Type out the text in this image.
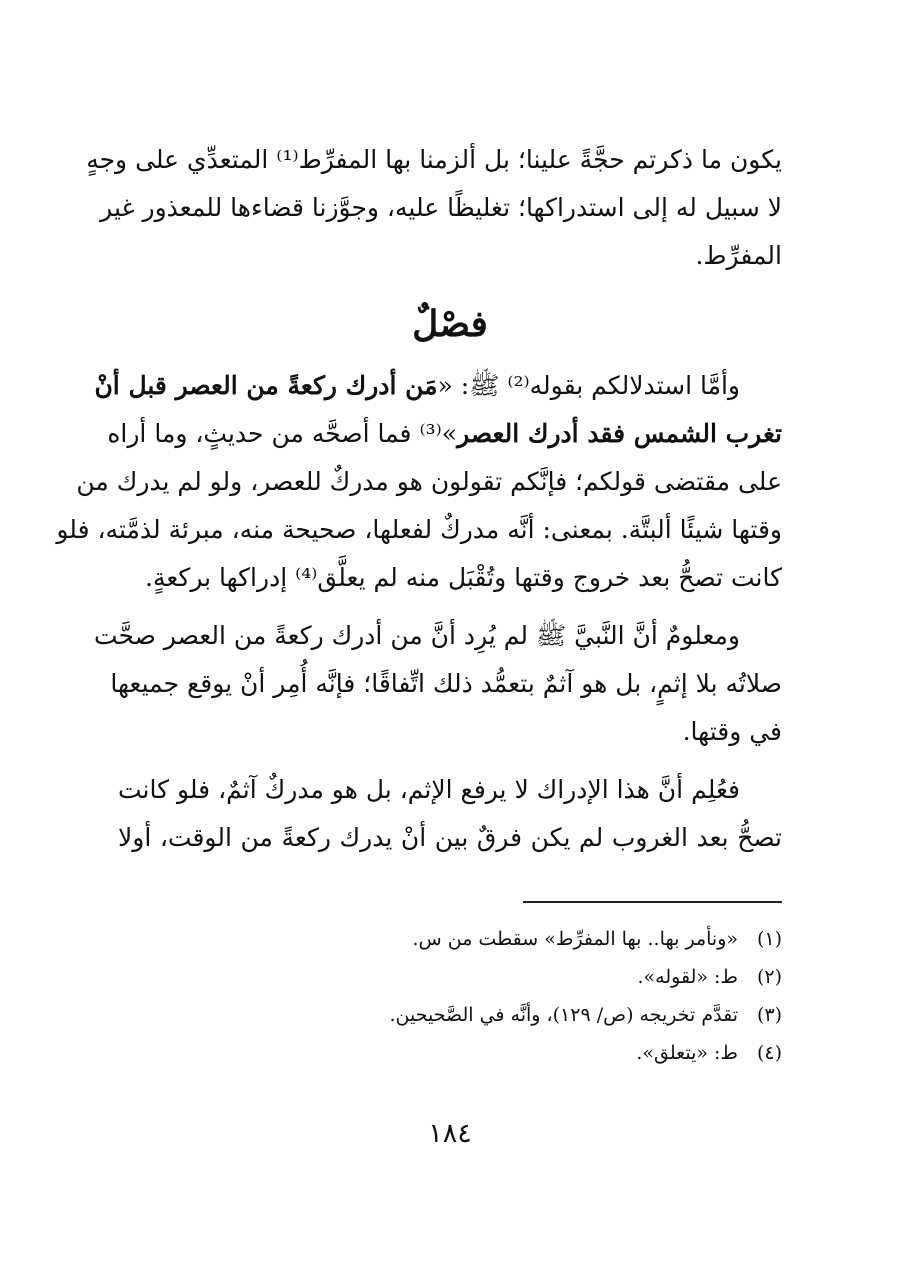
يكون ما ذكرتم حجَّةً علينا؛ بل ألزمنا بها المفرِّط⁽¹⁾ المتعدِّي على وجهٍ
لا سبيل له إلى استدراكها؛ تغليظًا عليه، وجوَّزنا قضاءها للمعذور غير
المفرِّط.
فصْلٌ
وأمَّا استدلالكم بقوله⁽²⁾ ﷺ: «مَن أدرك ركعةً من العصر قبل أنْ
تغرب الشمس فقد أدرك العصر»⁽³⁾ فما أصحَّه من حديثٍ، وما أراه
على مقتضى قولكم؛ فإنَّكم تقولون هو مدركٌ للعصر، ولو لم يدرك من
وقتها شيئًا ألبتَّة. بمعنى: أنَّه مدركٌ لفعلها، صحيحة منه، مبرئة لذمَّته، فلو
كانت تصحُّ بعد خروج وقتها وتُقْبَل منه لم يعلَّق⁽⁴⁾ إدراكها بركعةٍ.
ومعلومٌ أنَّ النَّبيَّ ﷺ لم يُرِد أنَّ من أدرك ركعةً من العصر صحَّت
صلاتُه بلا إثمٍ، بل هو آثمٌ بتعمُّد ذلك اتِّفاقًا؛ فإنَّه أُمِر أنْ يوقع جميعها
في وقتها.
فعُلِم أنَّ هذا الإدراك لا يرفع الإثم، بل هو مدركٌ آثمٌ، فلو كانت
تصحُّ بعد الغروب لم يكن فرقٌ بين أنْ يدرك ركعةً من الوقت، أولا
(١)«ونأمر بها.. بها المفرِّط» سقطت من س.
(٢)ط: «لقوله».
(٣)تقدَّم تخريجه (ص/ ١٢٩)، وأنَّه في الصَّحيحين.
(٤)ط: «يتعلق».
١٨٤
